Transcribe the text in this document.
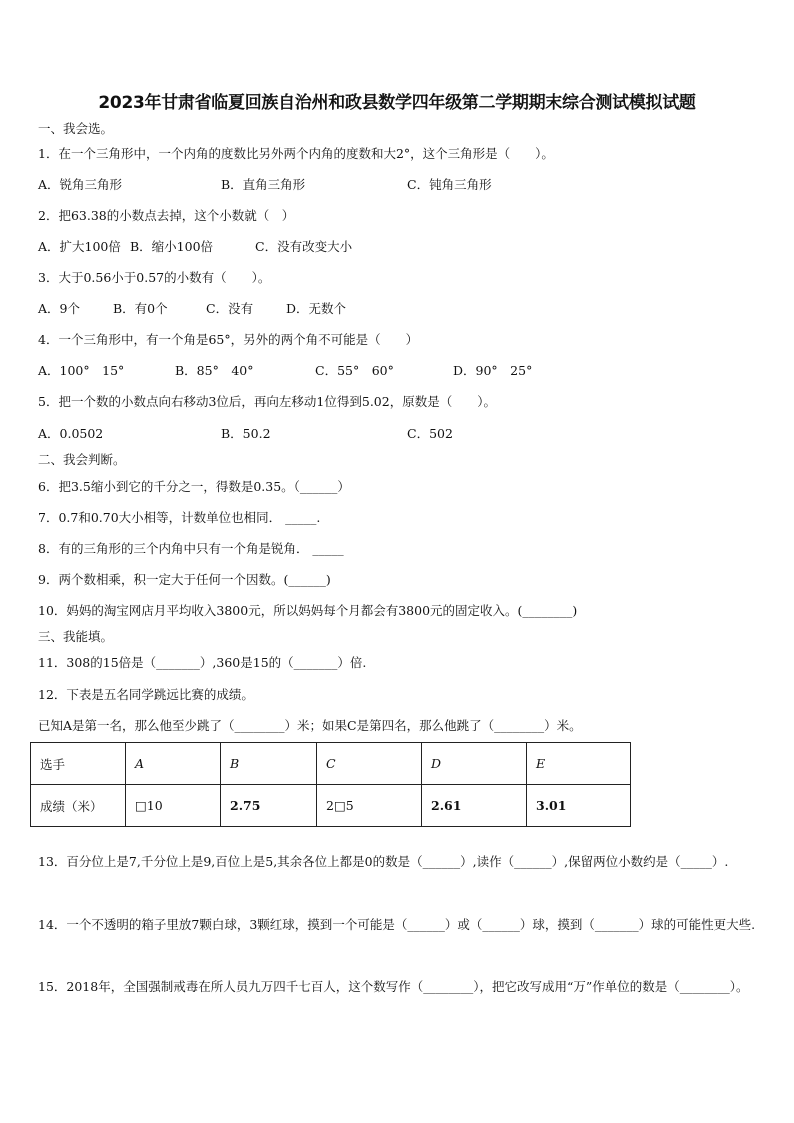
2023年甘肃省临夏回族自治州和政县数学四年级第二学期期末综合测试模拟试题
一、我会选。
1．在一个三角形中，一个内角的度数比另外两个内角的度数和大2°，这个三角形是（　　）。
A．锐角三角形	B．直角三角形	C．钝角三角形
2．把63.38的小数点去掉，这个小数就（　）
A．扩大100倍 B．缩小100倍	C．没有改变大小
3．大于0.56小于0.57的小数有（　　）。
A．9个	B．有0个	C．没有	D．无数个
4．一个三角形中，有一个角是65°，另外的两个角不可能是（　　）
A．100°　15°	B．85°　40°	C．55°　60°	D．90°　25°
5．把一个数的小数点向右移动3位后，再向左移动1位得到5.02，原数是（　　）。
A．0.0502	B．50.2	C．502
二、我会判断。
6．把3.5缩小到它的千分之一，得数是0.35。（______）
7．0.7和0.70大小相等，计数单位也相同． _____.
8．有的三角形的三个内角中只有一个角是锐角． _____
9．两个数相乘，积一定大于任何一个因数。(______)
10．妈妈的淘宝网店月平均收入3800元，所以妈妈每个月都会有3800元的固定收入。(________)
三、我能填。
11．308的15倍是（_______）,360是15的（_______）倍.
12．下表是五名同学跳远比赛的成绩。
已知A是第一名，那么他至少跳了（________）米；如果C是第四名，那么他跳了（________）米。
选手	A	B	C	D	E
成绩（米）	□10	2.75	2□5	2.61	3.01
13．百分位上是7,千分位上是9,百位上是5,其余各位上都是0的数是（______）,读作（______）,保留两位小数约是（_____）.
14．一个不透明的箱子里放7颗白球，3颗红球，摸到一个可能是（______）或（______）球，摸到（_______）球的可能性更大些.
15．2018年，全国强制戒毒在所人员九万四千七百人，这个数写作（________），把它改写成用“万”作单位的数是（________）。
